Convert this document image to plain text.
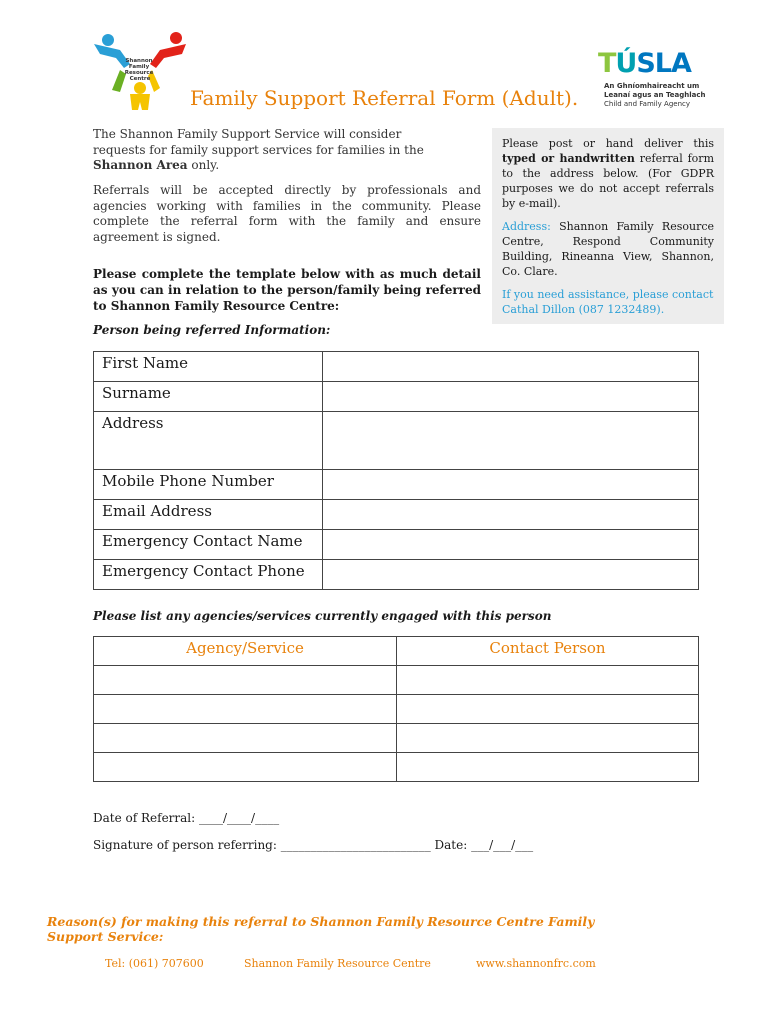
Shannon Family Resource Centre	TÚSLA
An Ghníomhaireacht um
Leanaí agus an Teaghlach
Child and Family Agency
Family Support Referral Form (Adult).
The Shannon Family Support Service will consider requests for family support services for families in the Shannon Area only.
Referrals will be accepted directly by professionals and agencies working with families in the community. Please complete the referral form with the family and ensure agreement is signed.
Please complete the template below with as much detail as you can in relation to the person/family being referred to Shannon Family Resource Centre:

Please post or hand deliver this typed or handwritten referral form to the address below. (For GDPR purposes we do not accept referrals by e-mail).

Address: Shannon Family Resource Centre, Respond Community Building, Rineanna View, Shannon, Co. Clare.

If you need assistance, please contact Cathal Dillon (087 1232489).

Person being referred Information:
First Name	
Surname	
Address	
Mobile Phone Number	
Email Address	
Emergency Contact Name	
Emergency Contact Phone	
Please list any agencies/services currently engaged with this person
Agency/Service	Contact Person

Date of Referral: ____/____/____
Signature of person referring: _________________________ Date: ___/___/___
Reason(s) for making this referral to Shannon Family Resource Centre Family Support Service:
Tel: (061) 707600	Shannon Family Resource Centre	www.shannonfrc.com
